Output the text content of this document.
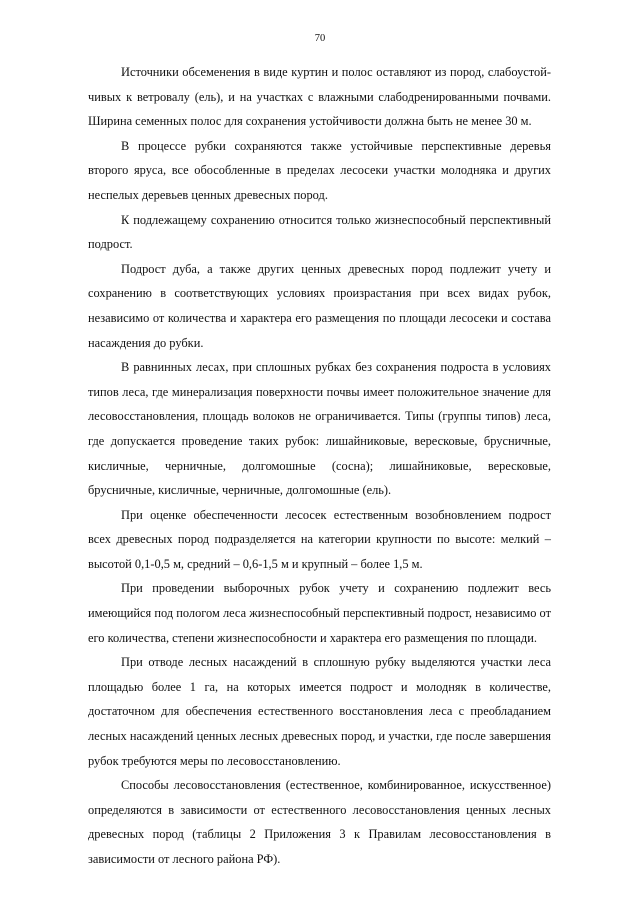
70

Источники обсеменения в виде куртин и полос оставляют из пород, слабоустойчивых к ветровалу (ель), и на участках с влажными слабодренированными почвами. Ширина семенных полос для сохранения устойчивости должна быть не менее 30 м.

В процессе рубки сохраняются также устойчивые перспективные деревья второго яруса, все обособленные в пределах лесосеки участки молодняка и других неспелых деревьев ценных древесных пород.

К подлежащему сохранению относится только жизнеспособный перспективный подрост.

Подрост дуба, а также других ценных древесных пород подлежит учету и сохранению в соответствующих условиях произрастания при всех видах рубок, независимо от количества и характера его размещения по площади лесосеки и состава насаждения до рубки.

В равнинных лесах, при сплошных рубках без сохранения подроста в условиях типов леса, где минерализация поверхности почвы имеет положительное значение для лесовосстановления, площадь волоков не ограничивается. Типы (группы типов) леса, где допускается проведение таких рубок: лишайниковые, вересковые, брусничные, кисличные, черничные, долгомошные (сосна); лишайниковые, вересковые, брусничные, кисличные, черничные, долгомошные (ель).

При оценке обеспеченности лесосек естественным возобновлением подрост всех древесных пород подразделяется на категории крупности по высоте: мелкий – высотой 0,1-0,5 м, средний – 0,6-1,5 м и крупный – более 1,5 м.

При проведении выборочных рубок учету и сохранению подлежит весь имеющийся под пологом леса жизнеспособный перспективный подрост, независимо от его количества, степени жизнеспособности и характера его размещения по площади.

При отводе лесных насаждений в сплошную рубку выделяются участки леса площадью более 1 га, на которых имеется подрост и молодняк в количестве, достаточном для обеспечения естественного восстановления леса с преобладанием лесных насаждений ценных лесных древесных пород, и участки, где после завершения рубок требуются меры по лесовосстановлению.

Способы лесовосстановления (естественное, комбинированное, искусственное) определяются в зависимости от естественного лесовосстановления ценных лесных древесных пород (таблицы 2 Приложения 3 к Правилам лесовосстановления в зависимости от лесного района РФ).
